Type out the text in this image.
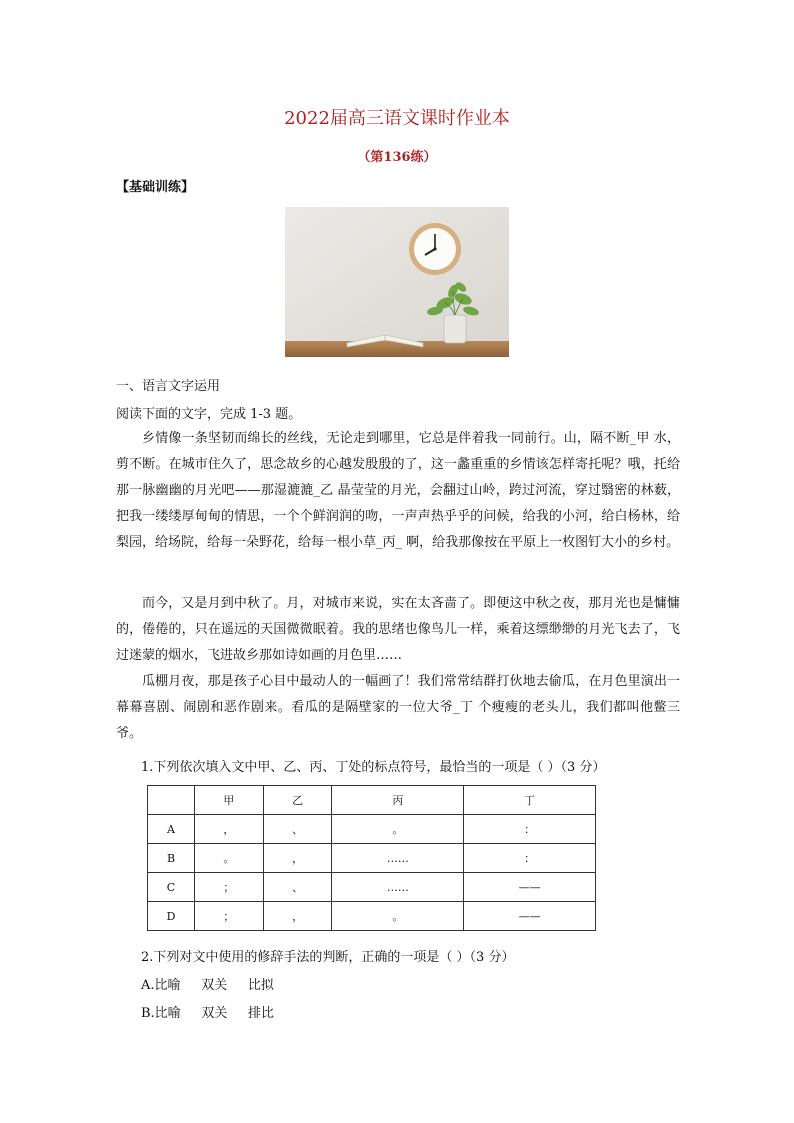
2022届高三语文课时作业本
（第136练）
【基础训练】
一、语言文字运用
阅读下面的文字，完成 1-3 题。

乡情像一条坚韧而绵长的丝线，无论走到哪里，它总是伴着我一同前行。山，隔不断_甲 水，剪不断。在城市住久了，思念故乡的心越发殷殷的了，这一蠡重重的乡情该怎样寄托呢？哦，托给那一脉幽幽的月光吧——那湿漉漉_乙 晶莹莹的月光，会翻过山岭，跨过河流，穿过翳密的林薮，把我一缕缕厚甸甸的情思，一个个鲜润润的吻，一声声热乎乎的问候，给我的小河，给白杨林，给梨园，给场院，给每一朵野花，给每一根小草_丙_ 啊，给我那像按在平原上一枚图钉大小的乡村。

而今，又是月到中秋了。月，对城市来说，实在太吝啬了。即便这中秋之夜，那月光也是慵慵的，倦倦的，只在遥远的天国微微眠着。我的思绪也像鸟儿一样，乘着这缥缈缈的月光飞去了，飞过迷蒙的烟水，飞进故乡那如诗如画的月色里……

瓜棚月夜，那是孩子心目中最动人的一幅画了！我们常常结群打伙地去偷瓜，在月色里演出一幕幕喜剧、闹剧和恶作剧来。看瓜的是隔壁家的一位大爷_丁 个瘦瘦的老头儿，我们都叫他鳖三爷。

1.下列依次填入文中甲、乙、丙、丁处的标点符号，最恰当的一项是（ ）（3 分）
	甲	乙	丙	丁
A	，	、	。	：
B	。	，	……	：
C	；	、	……	——
D	；	，	。	——
2.下列对文中使用的修辞手法的判断，正确的一项是（ ）（3 分）
A.比喻 双关 比拟
B.比喻 双关 排比
